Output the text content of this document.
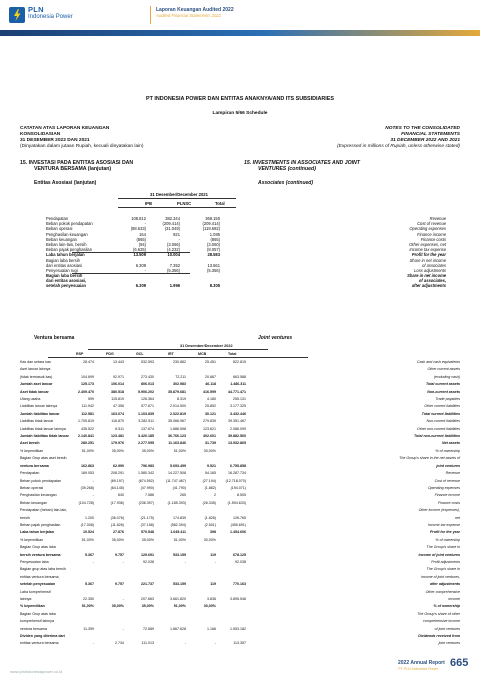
PLN
Indonesia Power
Laporan Keuangan Audited 2022
Audited Financial Statements 2022
PT INDONESIA POWER DAN ENTITAS ANAKNYA/AND ITS SUBSIDIARIES
Lampiran 5/66 Schedule
CATATAN ATAS LAPORAN KEUANGAN
KONSOLIDASIAN
31 DESEMBER 2022 DAN 2021
(Dinyatakan dalam jutaan Rupiah, kecuali dinyatakan lain)
NOTES TO THE CONSOLIDATED
FINANCIAL STATEMENTS
31 DECEMBER 2022 AND 2021
(Expressed in millions of Rupiah, unless otherwise stated)
15. INVESTASI PADA ENTITAS ASOSIASI DAN
VENTURA BERSAMA (lanjutan)
15. INVESTMENTS IN ASSOCIATES AND JOINT
VENTURES (continued)
Entitas Asosiasi (lanjutan)	Associates (continued)
31 Desember/December 2021
IPB	PLNSC	Total
Pendapatan	108.812	382.344	369.150	Revenue
Beban pokok pendapatan	-	(209.414)	(209.414)	Cost of revenue
Beban operasi	(88.633)	(31.049)	(119.682)	Operating expenses
Penghasilan keuangan	164	921	1.085	Finance income
Beban keuangan	(865)	-	(865)	Finance costs
Beban lain-lain, bersih	(94)	(3.066)	(3.060)	Other expenses, net
Beban pajak penghasilan	(6.625)	(4.232)	(8.057)	Income tax expense
Laba tahun berjalan	13.509	10.004	28.583	Profit for the year
Bagian laba bersih	Share in net income
dari entitas asosiasi	6.309	7.352	13.661	of associates
Penyesuaian rugi	-	(5.356)	(5.356)	Loss adjustments
Bagian laba bersih	Share in net income
dari entitas asosiasi,	of associates,
setelah penyesuaian	6.309	1.996	8.305	after adjustments
Ventura bersama	Joint ventures
31 Desember/December 2022
RSP	PDG	GCL	IRT	MCB	Total
Kas dan setara kas	28.474	13.443	532.593	230.882	25.451	822.815	Cash and cash equivalents
Aset lancar lainnya	Other current assets
(tidak termasuk kas)	104.699	92.971	273.430	72.211	20.667	663.588	(excluding cash)
Jumlah aset lancar	125.173	106.014	806.013	302.983	46.118	1.486.311	Total current assets
Aset tidak lancar	2.409.470	380.518	5.906.202	35.879.681	416.599	44.771.471	Non-current assets
Utang usaha	599	115.819	126.364	8.319	4.180	255.131	Trade payables
Liabilitas lancar lainnya	111.942	47.356	977.671	2.014.500	25.852	3.177.325	Other current liabilities
Jumlah liabilitas lancar	112.581	163.074	1.103.835	2.022.819	30.121	3.432.446	Total current liabilities
Liabilitas tidak lancar	1.705.819	116.870	3.282.511	35.066.967	279.839	39.351.467	Non-current liabilities
Liabilitas tidak lancar lainnya	435.522	6.511	137.674	1.686.598	123.621	2.086.099	Other non-current liabilities
Jumlah liabilitas tidak lancar	2.140.841	123.481	3.420.185	36.766.123	402.601	39.882.560	Total non-current liabilities
Aset bersih	280.251	179.976	2.277.095	11.163.846	31.739	13.932.865	Net assets
% kepemilikan	51,00%	35,00%	35,00%	51,00%	30,00%	% of ownership
Bagian Grup atas aset bersih	The Group's share in the net assets of
ventura bersama	162.863	62.990	796.983	5.693.499	9.521	6.755.858	joint ventures
Pendapatan	169.053	208.291	1.580.342	14.227.508	54.165	16.287.734	Revenue
Beban pokok pendapatan	-	(69.197)	(674.592)	(11.747.467)	(27.194)	(12.718.070)	Cost of revenue
Beban operasi	(39.268)	(64.145)	(47.990)	(41.790)	(1.882)	(194.071)	Operating expenses
Penghasilan keuangan	-	640	7.586	265	2	8.505	Finance income
Beban keuangan	(104.728)	(17.936)	(236.397)	(1.185.393)	(26.345)	(1.594.633)	Finance costs
Pendapatan (beban) lain-lain,	Other income (expenses),
bersih	1.200	(36.076)	(21.175)	174.839	(1.828)	126.765	net
Beban pajak penghasilan	(17.008)	(11.626)	(37.158)	(582.394)	(2.501)	(455.691)	Income tax expense
Laba tahun berjalan	10.524	27.876	570.548	1.045.411	398	1.454.606	Profit for the year
% kepemilikan	51,00%	35,00%	35,00%	51,00%	30,00%	% of ownership
Bagian Grup atas laba	The Group's share in
bersih ventura bersama	5.367	9.757	129.691	533.159	119	678.125	income of joint ventures
Penyesuaian laba	-	-	92.038	-	-	92.038	Profit adjustments
Bagian grup atas laba bersih	The Group's share in
entitas ventura bersama,	income of joint ventures,
setelah penyesuaian	5.367	9.757	221.737	533.159	119	770.163	after adjustments
Laba komprehensif	Other comprehensive
lainnya	22.350	-	207.663	3.661.820	3.836	3.895.546	income
% kepemilikan	51,00%	35,00%	35,00%	51,00%	30,00%	% of ownership
Bagian Grup atas laba	The Group's share of other
komprehensif lainnya	comprehensive income
ventura bersama	11.399	-	72.689	1.867.628	1.166	1.953.182	of joint ventures
Dividen yang diterima dari	Dividends received from
entitas ventura bersama	-	2.734	111.013	-	-	113.357	joint ventures
www.plnindonesiapower.co.id
2022 Annual Report
PT PLN Indonesia Power 665
